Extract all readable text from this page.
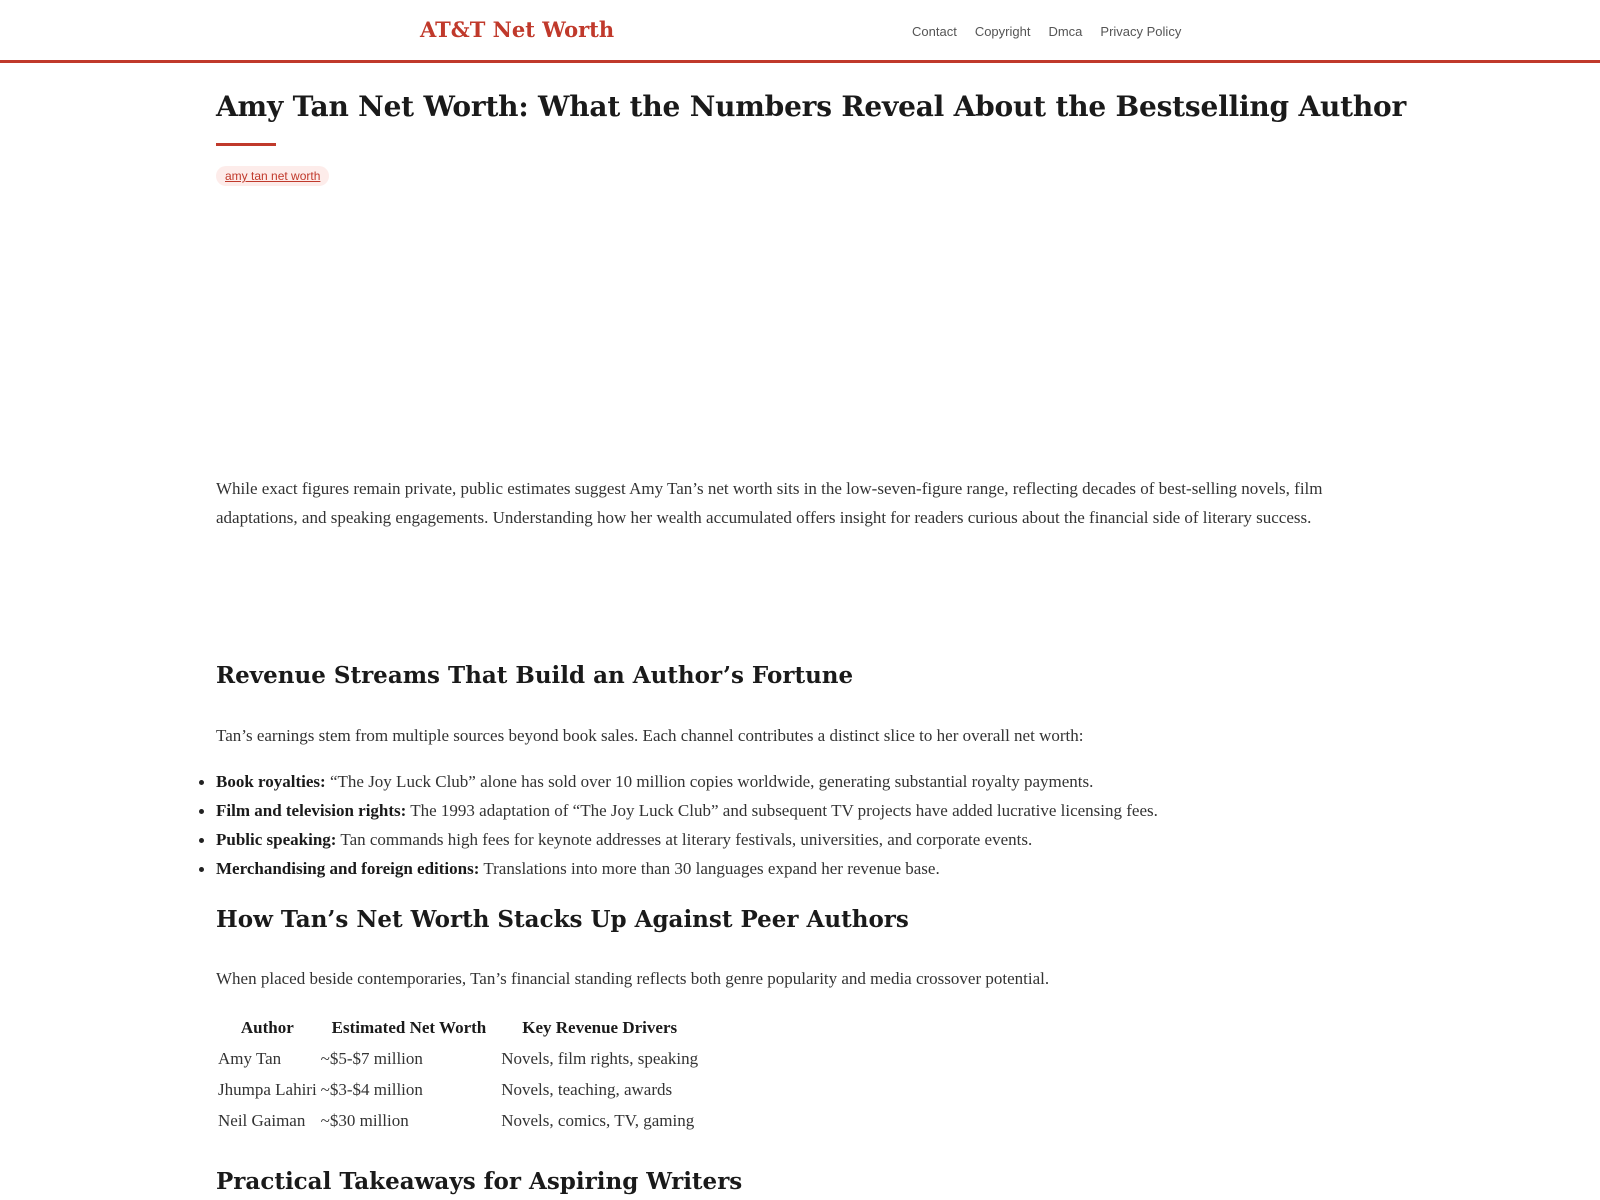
AT&T Net Worth	Contact Copyright Dmca Privacy Policy
Amy Tan Net Worth: What the Numbers Reveal About the Bestselling Author
amy tan net worth

While exact figures remain private, public estimates suggest Amy Tan’s net worth sits in the low-seven-figure range, reflecting decades of best-selling novels, film adaptations, and speaking engagements. Understanding how her wealth accumulated offers insight for readers curious about the financial side of literary success.

Revenue Streams That Build an Author’s Fortune

Tan’s earnings stem from multiple sources beyond book sales. Each channel contributes a distinct slice to her overall net worth:

Book royalties: “The Joy Luck Club” alone has sold over 10 million copies worldwide, generating substantial royalty payments.
Film and television rights: The 1993 adaptation of “The Joy Luck Club” and subsequent TV projects have added lucrative licensing fees.
Public speaking: Tan commands high fees for keynote addresses at literary festivals, universities, and corporate events.
Merchandising and foreign editions: Translations into more than 30 languages expand her revenue base.
How Tan’s Net Worth Stacks Up Against Peer Authors

When placed beside contemporaries, Tan’s financial standing reflects both genre popularity and media crossover potential.

Author	Estimated Net Worth	Key Revenue Drivers
Amy Tan	~$5-$7 million	Novels, film rights, speaking
Jhumpa Lahiri	~$3-$4 million	Novels, teaching, awards
Neil Gaiman	~$30 million	Novels, comics, TV, gaming
Practical Takeaways for Aspiring Writers
